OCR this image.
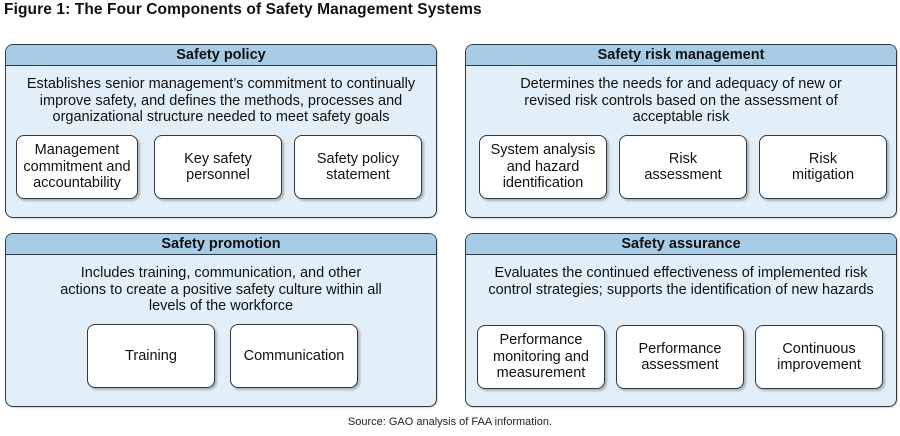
Figure 1: The Four Components of Safety Management Systems
Safety policy
Establishes senior management’s commitment to continually improve safety, and defines the methods, processes and organizational structure needed to meet safety goals
Management commitment and accountability
Key safety personnel
Safety policy statement
Safety risk management
Determines the needs for and adequacy of new or revised risk controls based on the assessment of acceptable risk
System analysis and hazard identification
Risk assessment
Risk mitigation
Safety promotion
Includes training, communication, and other actions to create a positive safety culture within all levels of the workforce
Training	Communication
Safety assurance
Evaluates the continued effectiveness of implemented risk control strategies; supports the identification of new hazards
Performance monitoring and measurement
Performance assessment
Continuous improvement
Source: GAO analysis of FAA information.
